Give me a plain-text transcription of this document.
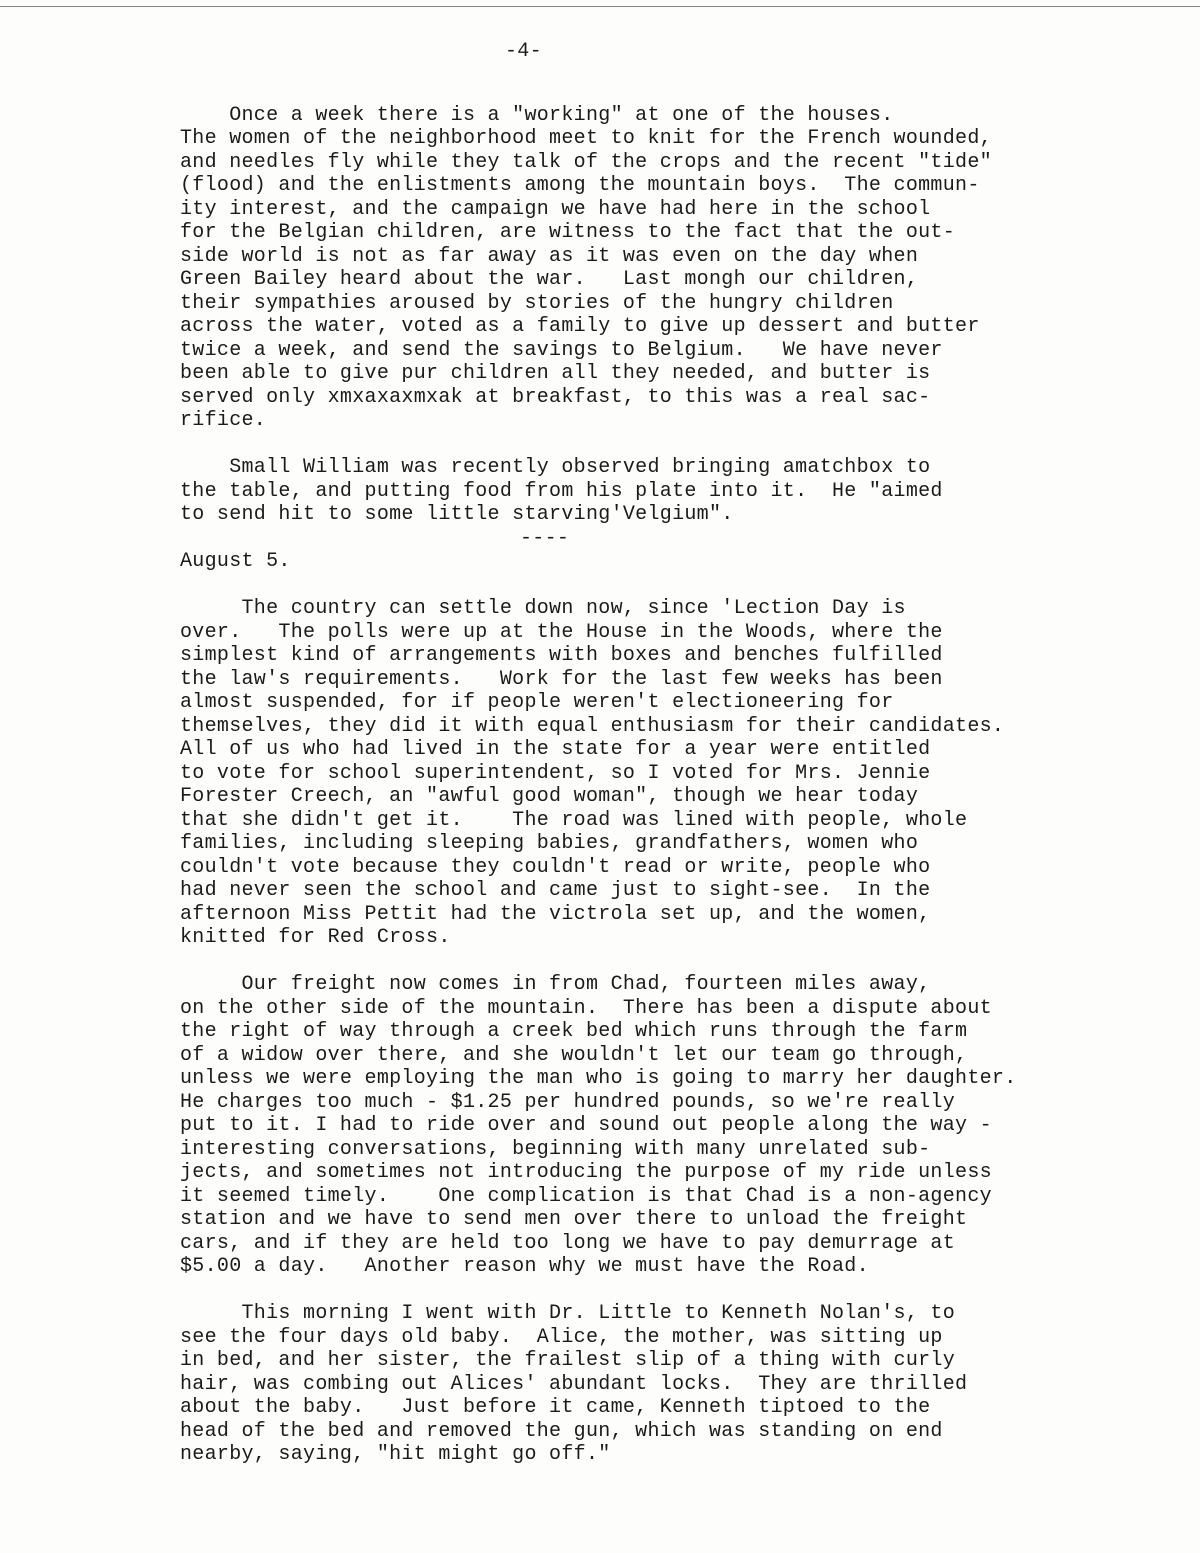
-4-
Once a week there is a "working" at one of the houses.
The women of the neighborhood meet to knit for the French wounded,
and needles fly while they talk of the crops and the recent "tide"
(flood) and the enlistments among the mountain boys.  The commun-
ity interest, and the campaign we have had here in the school
for the Belgian children, are witness to the fact that the out-
side world is not as far away as it was even on the day when
Green Bailey heard about the war.   Last mongh our children,
their sympathies aroused by stories of the hungry children
across the water, voted as a family to give up dessert and butter
twice a week, and send the savings to Belgium.   We have never
been able to give pur children all they needed, and butter is
served only xmxaxaxmxak at breakfast, to this was a real sac-
rifice.
Small William was recently observed bringing amatchbox to
the table, and putting food from his plate into it.  He "aimed
to send hit to some little starving'Velgium".
----
August 5.
The country can settle down now, since 'Lection Day is
over.   The polls were up at the House in the Woods, where the
simplest kind of arrangements with boxes and benches fulfilled
the law's requirements.   Work for the last few weeks has been
almost suspended, for if people weren't electioneering for
themselves, they did it with equal enthusiasm for their candidates.
All of us who had lived in the state for a year were entitled
to vote for school superintendent, so I voted for Mrs. Jennie
Forester Creech, an "awful good woman", though we hear today
that she didn't get it.    The road was lined with people, whole
families, including sleeping babies, grandfathers, women who
couldn't vote because they couldn't read or write, people who
had never seen the school and came just to sight-see.  In the
afternoon Miss Pettit had the victrola set up, and the women,
knitted for Red Cross.
Our freight now comes in from Chad, fourteen miles away,
on the other side of the mountain.  There has been a dispute about
the right of way through a creek bed which runs through the farm
of a widow over there, and she wouldn't let our team go through,
unless we were employing the man who is going to marry her daughter.
He charges too much - $1.25 per hundred pounds, so we're really
put to it. I had to ride over and sound out people along the way -
interesting conversations, beginning with many unrelated sub-
jects, and sometimes not introducing the purpose of my ride unless
it seemed timely.    One complication is that Chad is a non-agency
station and we have to send men over there to unload the freight
cars, and if they are held too long we have to pay demurrage at
$5.00 a day.   Another reason why we must have the Road.
This morning I went with Dr. Little to Kenneth Nolan's, to
see the four days old baby.  Alice, the mother, was sitting up
in bed, and her sister, the frailest slip of a thing with curly
hair, was combing out Alices' abundant locks.  They are thrilled
about the baby.   Just before it came, Kenneth tiptoed to the
head of the bed and removed the gun, which was standing on end
nearby, saying, "hit might go off."
